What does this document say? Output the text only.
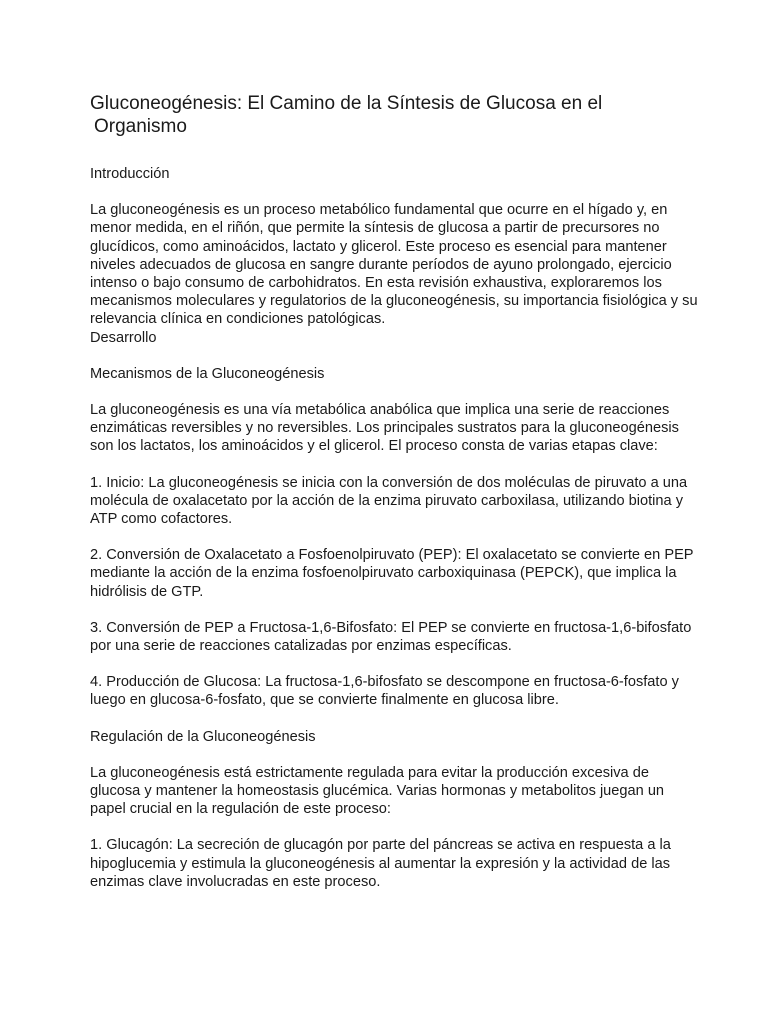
Gluconeogénesis: El Camino de la Síntesis de Glucosa en el Organismo
Introducción
La gluconeogénesis es un proceso metabólico fundamental que ocurre en el hígado y, en menor medida, en el riñón, que permite la síntesis de glucosa a partir de precursores no glucídicos, como aminoácidos, lactato y glicerol. Este proceso es esencial para mantener niveles adecuados de glucosa en sangre durante períodos de ayuno prolongado, ejercicio intenso o bajo consumo de carbohidratos. En esta revisión exhaustiva, exploraremos los mecanismos moleculares y regulatorios de la gluconeogénesis, su importancia fisiológica y su relevancia clínica en condiciones patológicas.
Desarrollo
Mecanismos de la Gluconeogénesis
La gluconeogénesis es una vía metabólica anabólica que implica una serie de reacciones enzimáticas reversibles y no reversibles. Los principales sustratos para la gluconeogénesis son los lactatos, los aminoácidos y el glicerol. El proceso consta de varias etapas clave:
1. Inicio: La gluconeogénesis se inicia con la conversión de dos moléculas de piruvato a una molécula de oxalacetato por la acción de la enzima piruvato carboxilasa, utilizando biotina y ATP como cofactores.
2. Conversión de Oxalacetato a Fosfoenolpiruvato (PEP): El oxalacetato se convierte en PEP mediante la acción de la enzima fosfoenolpiruvato carboxiquinasa (PEPCK), que implica la hidrólisis de GTP.
3. Conversión de PEP a Fructosa-1,6-Bifosfato: El PEP se convierte en fructosa-1,6-bifosfato por una serie de reacciones catalizadas por enzimas específicas.
4. Producción de Glucosa: La fructosa-1,6-bifosfato se descompone en fructosa-6-fosfato y luego en glucosa-6-fosfato, que se convierte finalmente en glucosa libre.
Regulación de la Gluconeogénesis
La gluconeogénesis está estrictamente regulada para evitar la producción excesiva de glucosa y mantener la homeostasis glucémica. Varias hormonas y metabolitos juegan un papel crucial en la regulación de este proceso:
1. Glucagón: La secreción de glucagón por parte del páncreas se activa en respuesta a la hipoglucemia y estimula la gluconeogénesis al aumentar la expresión y la actividad de las enzimas clave involucradas en este proceso.
